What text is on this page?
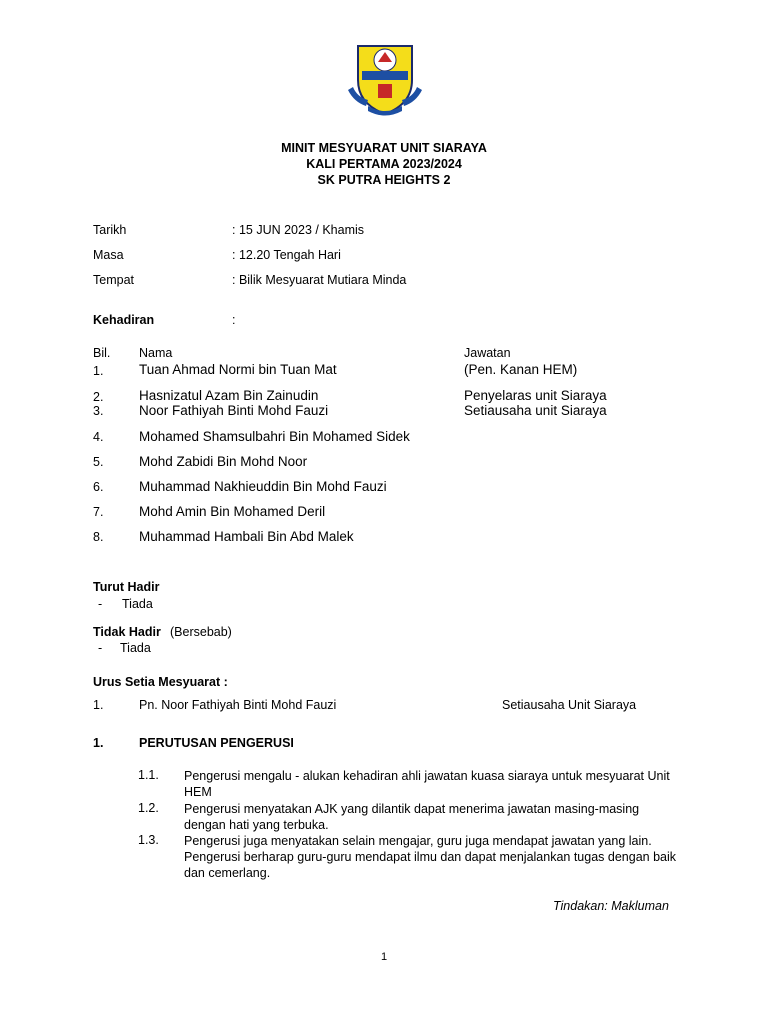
MINIT MESYUARAT UNIT SIARAYA
KALI PERTAMA 2023/2024
SK PUTRA HEIGHTS 2
Tarikh	: 15 JUN 2023 / Khamis
Masa	: 12.20 Tengah Hari
Tempat	: Bilik Mesyuarat Mutiara Minda
Kehadiran	:
Bil. Nama	Jawatan
1.	Tuan Ahmad Normi bin Tuan Mat	(Pen. Kanan HEM)
2.	Hasnizatul Azam Bin Zainudin	Penyelaras unit Siaraya
3.	Noor Fathiyah Binti Mohd Fauzi	Setiausaha unit Siaraya
4.	Mohamed Shamsulbahri Bin Mohamed Sidek
5.	Mohd Zabidi Bin Mohd Noor
6.	Muhammad Nakhieuddin Bin Mohd Fauzi
7.	Mohd Amin Bin Mohamed Deril
8.	Muhammad Hambali Bin Abd Malek
Turut Hadir
- Tiada
Tidak Hadir (Bersebab)
- Tiada
Urus Setia Mesyuarat :
1.	Pn. Noor Fathiyah Binti Mohd Fauzi	Setiausaha Unit Siaraya
1.	PERUTUSAN PENGERUSI
1.1. Pengerusi mengalu - alukan kehadiran ahli jawatan kuasa siaraya untuk mesyuarat Unit HEM
1.2. Pengerusi menyatakan AJK yang dilantik dapat menerima jawatan masing-masing dengan hati yang terbuka.
1.3. Pengerusi juga menyatakan selain mengajar, guru juga mendapat jawatan yang lain. Pengerusi berharap guru-guru mendapat ilmu dan dapat menjalankan tugas dengan baik dan cemerlang.
Tindakan: Makluman
1
